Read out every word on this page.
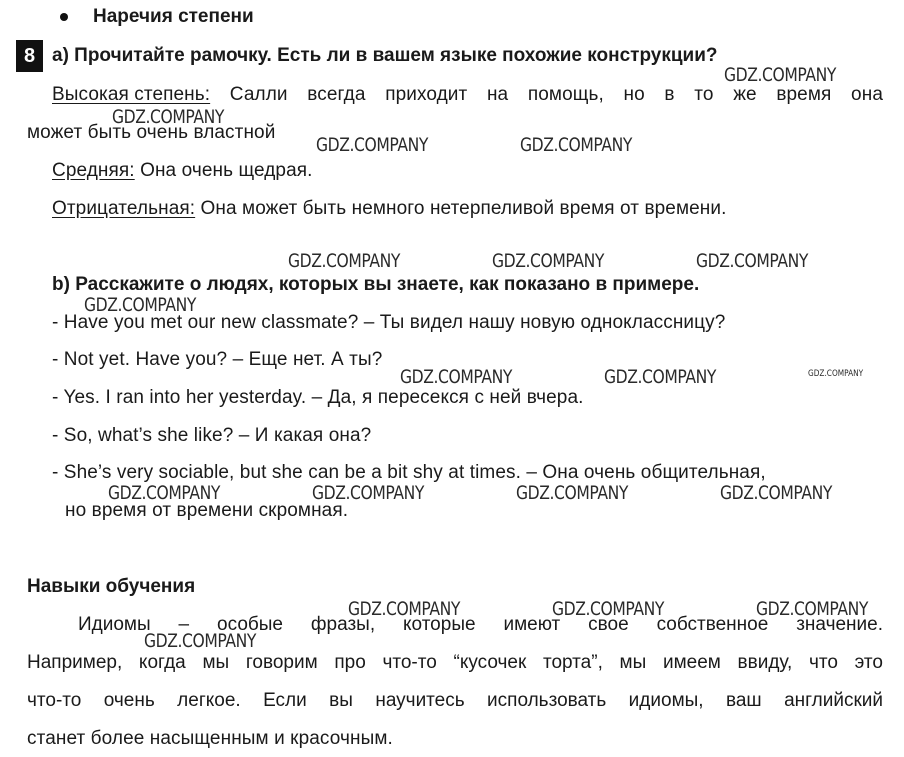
Наречия степени
8 a) Прочитайте рамочку. Есть ли в вашем языке похожие конструкции?
Высокая степень: Салли всегда приходит на помощь, но в то же время она
может быть очень властной
Средняя: Она очень щедрая.
Отрицательная: Она может быть немного нетерпеливой время от времени.
b) Расскажите о людях, которых вы знаете, как показано в примере.
- Have you met our new classmate? – Ты видел нашу новую одноклассницу?
- Not yet. Have you? – Еще нет. А ты?
- Yes. I ran into her yesterday. – Да, я пересекся с ней вчера.
- So, what’s she like? – И какая она?
- She’s very sociable, but she can be a bit shy at times. – Она очень общительная,
но время от времени скромная.
Навыки обучения
Идиомы – особые фразы, которые имеют свое собственное значение.
Например, когда мы говорим про что-то “кусочек торта”, мы имеем ввиду, что это
что-то очень легкое. Если вы научитесь использовать идиомы, ваш английский
станет более насыщенным и красочным.
GDZ.COMPANY
GDZ.COMPANY
GDZ.COMPANY	GDZ.COMPANY
GDZ.COMPANY	GDZ.COMPANY	GDZ.COMPANY
GDZ.COMPANY
GDZ.COMPANY	GDZ.COMPANY	GDZ.COMPANY
GDZ.COMPANY	GDZ.COMPANY	GDZ.COMPANY	GDZ.COMPANY
GDZ.COMPANY	GDZ.COMPANY	GDZ.COMPANY
GDZ.COMPANY
